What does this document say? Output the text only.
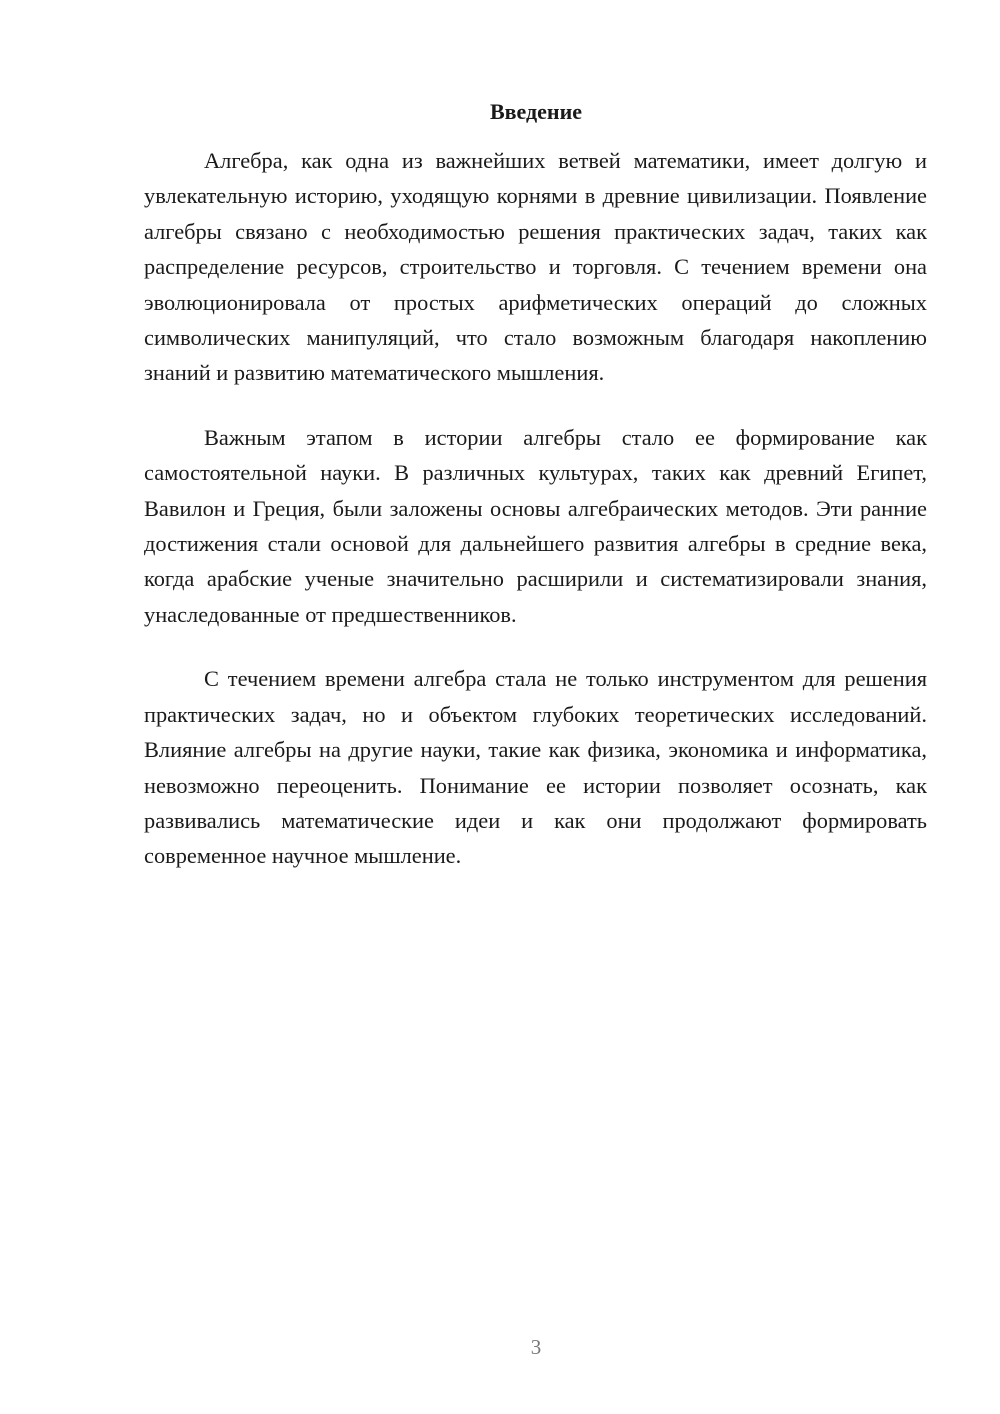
Введение

Алгебра, как одна из важнейших ветвей математики, имеет долгую и увлекательную историю, уходящую корнями в древние цивилизации. Появление алгебры связано с необходимостью решения практических задач, таких как распределение ресурсов, строительство и торговля. С течением времени она эволюционировала от простых арифметических операций до сложных символических манипуляций, что стало возможным благодаря накоплению знаний и развитию математического мышления.

Важным этапом в истории алгебры стало ее формирование как самостоятельной науки. В различных культурах, таких как древний Египет, Вавилон и Греция, были заложены основы алгебраических методов. Эти ранние достижения стали основой для дальнейшего развития алгебры в средние века, когда арабские ученые значительно расширили и систематизировали знания, унаследованные от предшественников.

С течением времени алгебра стала не только инструментом для решения практических задач, но и объектом глубоких теоретических исследований. Влияние алгебры на другие науки, такие как физика, экономика и информатика, невозможно переоценить. Понимание ее истории позволяет осознать, как развивались математические идеи и как они продолжают формировать современное научное мышление.

3
